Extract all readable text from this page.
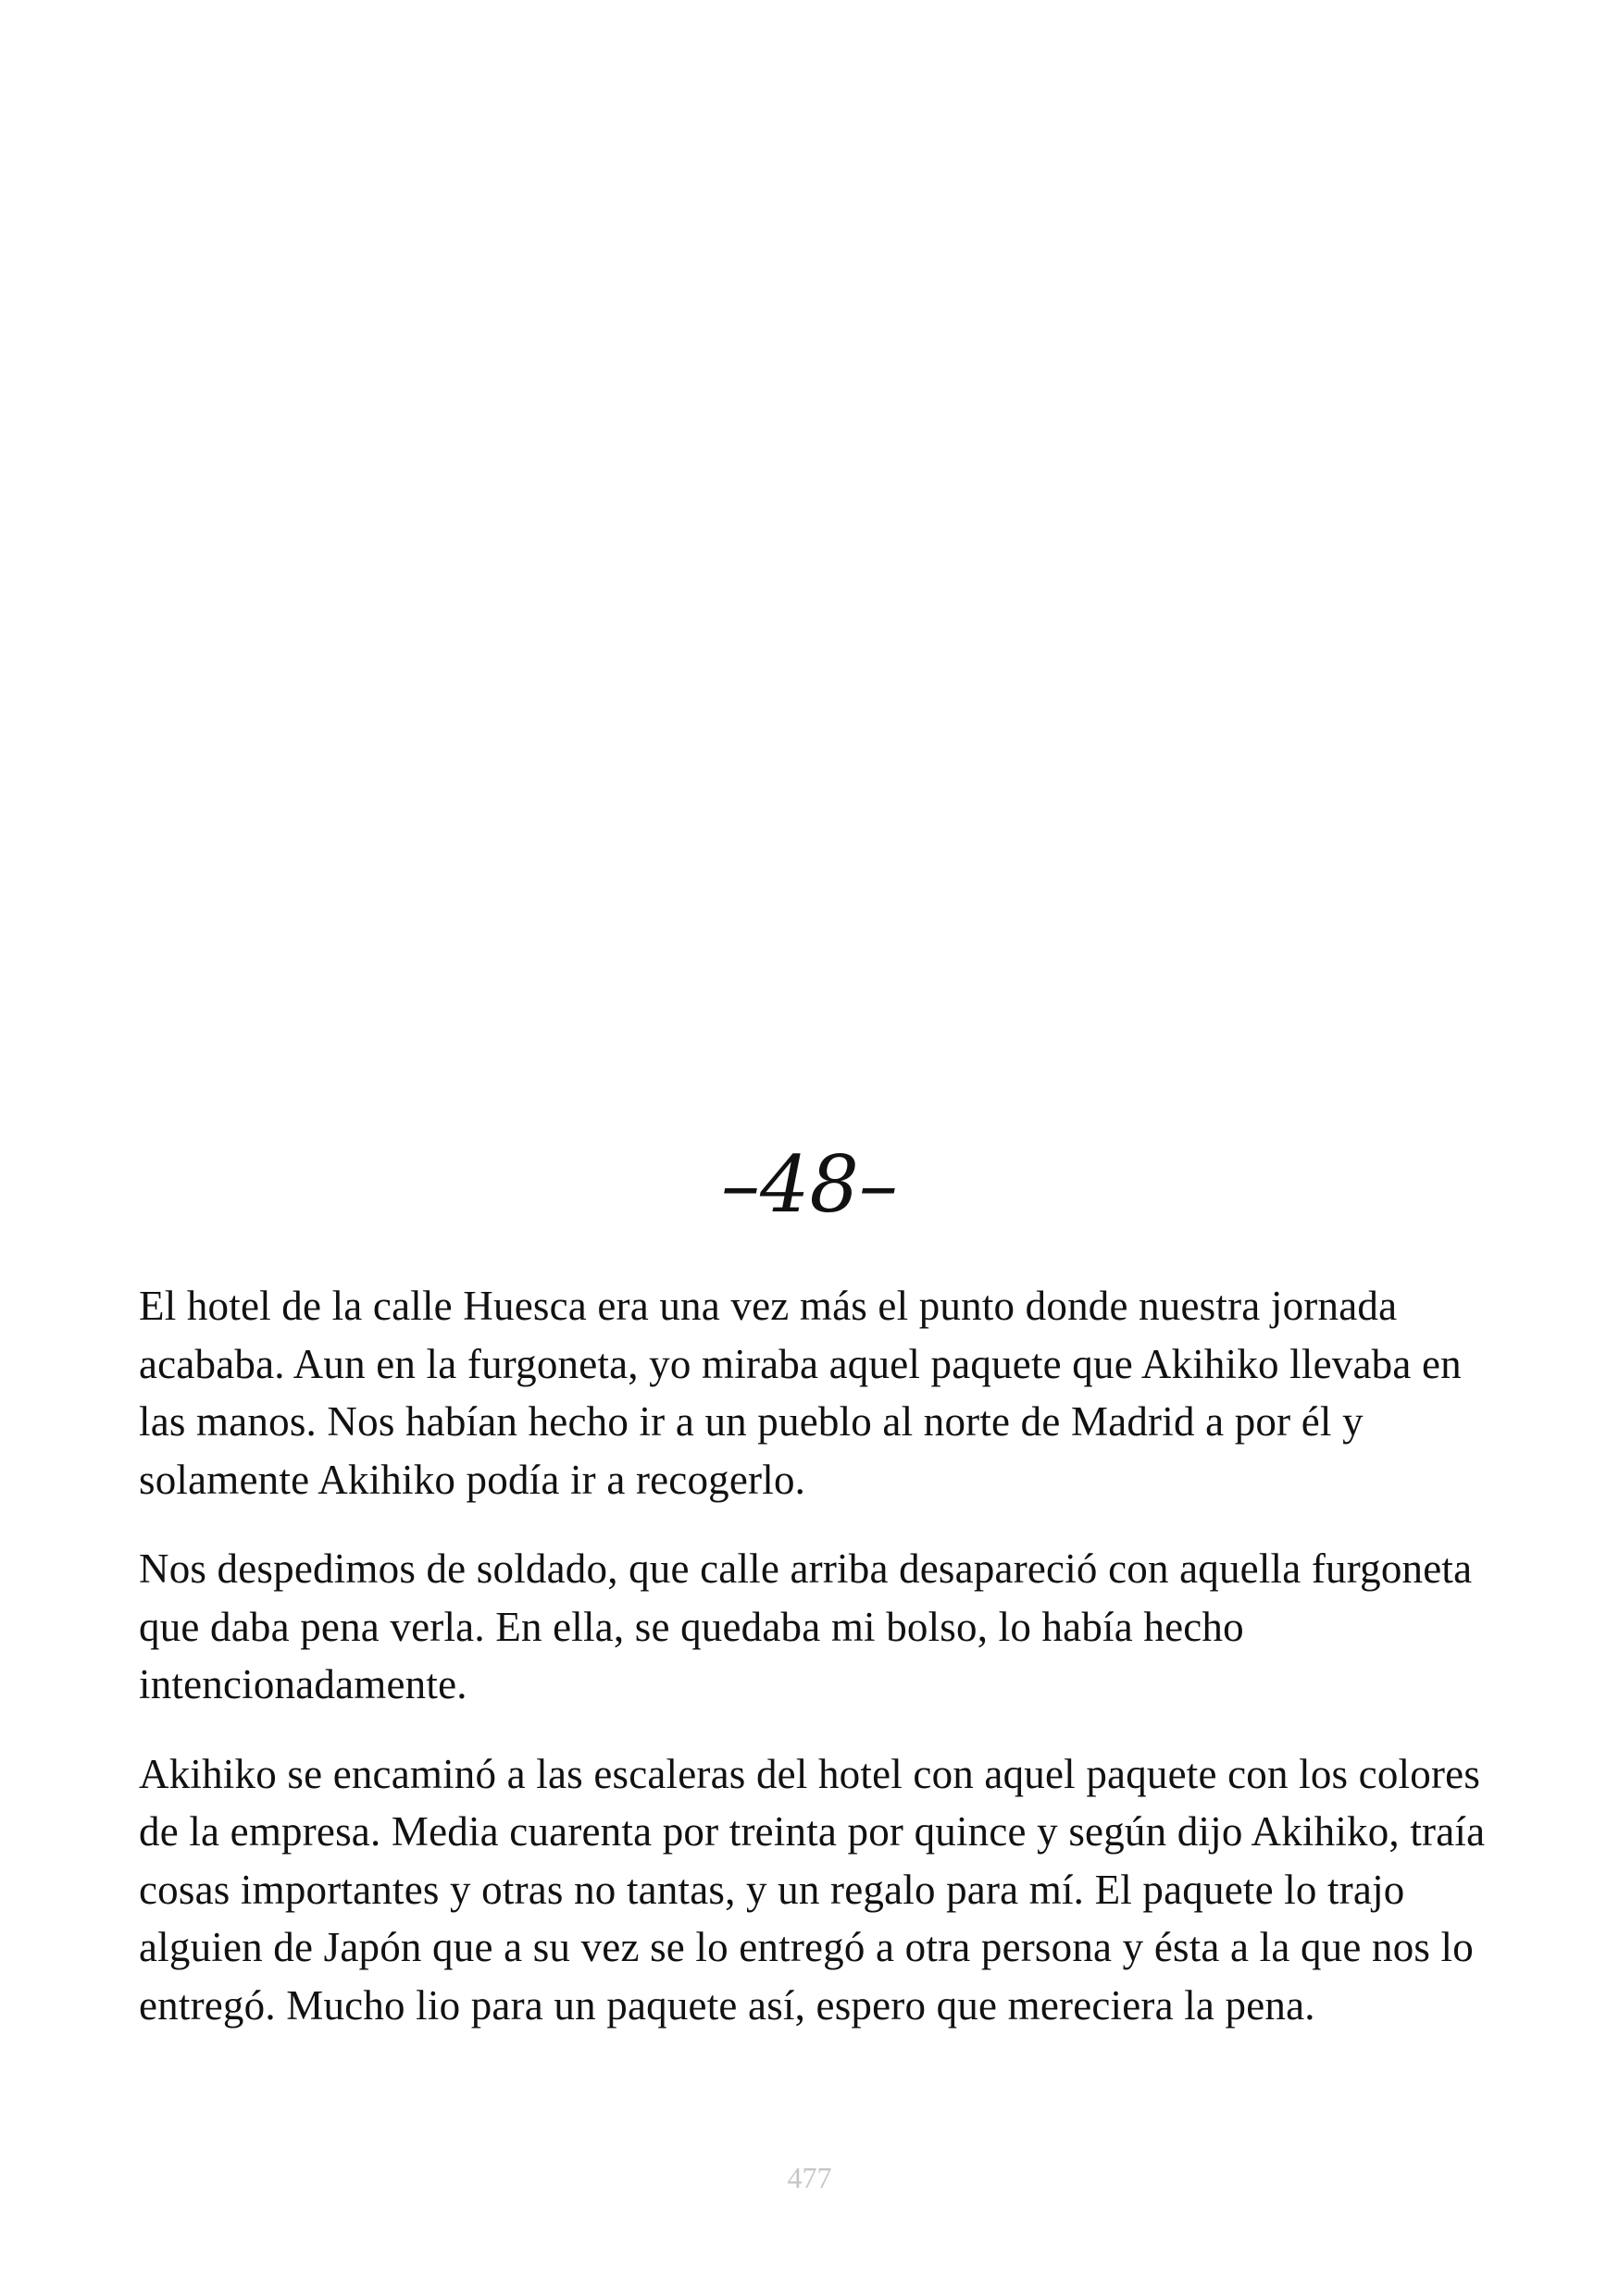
–48–

El hotel de la calle Huesca era una vez más el punto donde nuestra jornada acababa. Aun en la furgoneta, yo miraba aquel paquete que Akihiko llevaba en las manos. Nos habían hecho ir a un pueblo al norte de Madrid a por él y solamente Akihiko podía ir a recogerlo.

Nos despedimos de soldado, que calle arriba desapareció con aquella furgoneta que daba pena verla. En ella, se quedaba mi bolso, lo había hecho intencionadamente.

Akihiko se encaminó a las escaleras del hotel con aquel paquete con los colores de la empresa. Media cuarenta por treinta por quince y según dijo Akihiko, traía cosas importantes y otras no tantas, y un regalo para mí. El paquete lo trajo alguien de Japón que a su vez se lo entregó a otra persona y ésta a la que nos lo entregó. Mucho lio para un paquete así, espero que mereciera la pena.

477
